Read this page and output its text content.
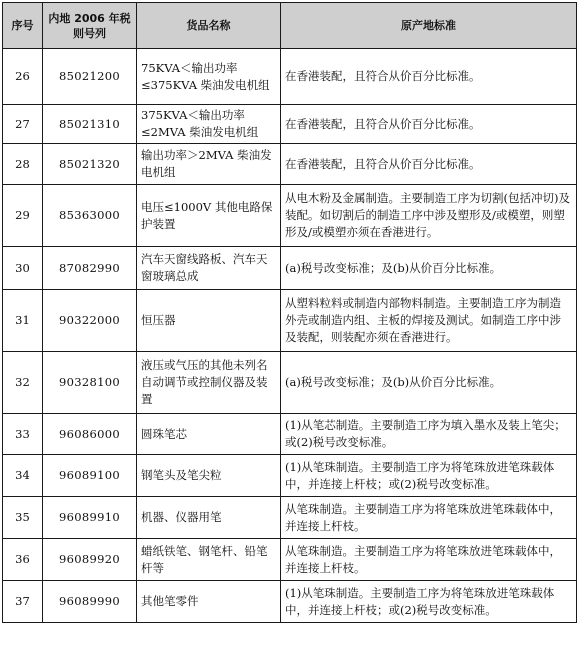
序号	内地 2006 年税则号列	货品名称	原产地标准
26	85021200	75KVA＜输出功率≤375KVA 柴油发电机组	在香港装配，且符合从价百分比标准。
27	85021310	375KVA＜输出功率≤2MVA 柴油发电机组	在香港装配，且符合从价百分比标准。
28	85021320	输出功率＞2MVA 柴油发电机组	在香港装配，且符合从价百分比标准。
29	85363000	电压≤1000V 其他电路保护装置	从电木粉及金属制造。主要制造工序为切割(包括冲切)及装配。如切割后的制造工序中涉及塑形及/或模塑，则塑形及/或模塑亦须在香港进行。
30	87082990	汽车天窗线路板、汽车天窗玻璃总成	(a)税号改变标准；及(b)从价百分比标准。
31	90322000	恒压器	从塑料粒料或制造内部物料制造。主要制造工序为制造外壳或制造内组、主板的焊接及测试。如制造工序中涉及装配，则装配亦须在香港进行。
32	90328100	液压或气压的其他未列名自动调节或控制仪器及装置	(a)税号改变标准；及(b)从价百分比标准。
33	96086000	圆珠笔芯	(1)从笔芯制造。主要制造工序为填入墨水及装上笔尖；或(2)税号改变标准。
34	96089100	钢笔头及笔尖粒	(1)从笔珠制造。主要制造工序为将笔珠放进笔珠载体中，并连接上杆枝；或(2)税号改变标准。
35	96089910	机器、仪器用笔	从笔珠制造。主要制造工序为将笔珠放进笔珠载体中，并连接上杆枝。
36	96089920	蜡纸铁笔、钢笔杆、铅笔杆等	从笔珠制造。主要制造工序为将笔珠放进笔珠载体中，并连接上杆枝。
37	96089990	其他笔零件	(1)从笔珠制造。主要制造工序为将笔珠放进笔珠载体中，并连接上杆枝；或(2)税号改变标准。
